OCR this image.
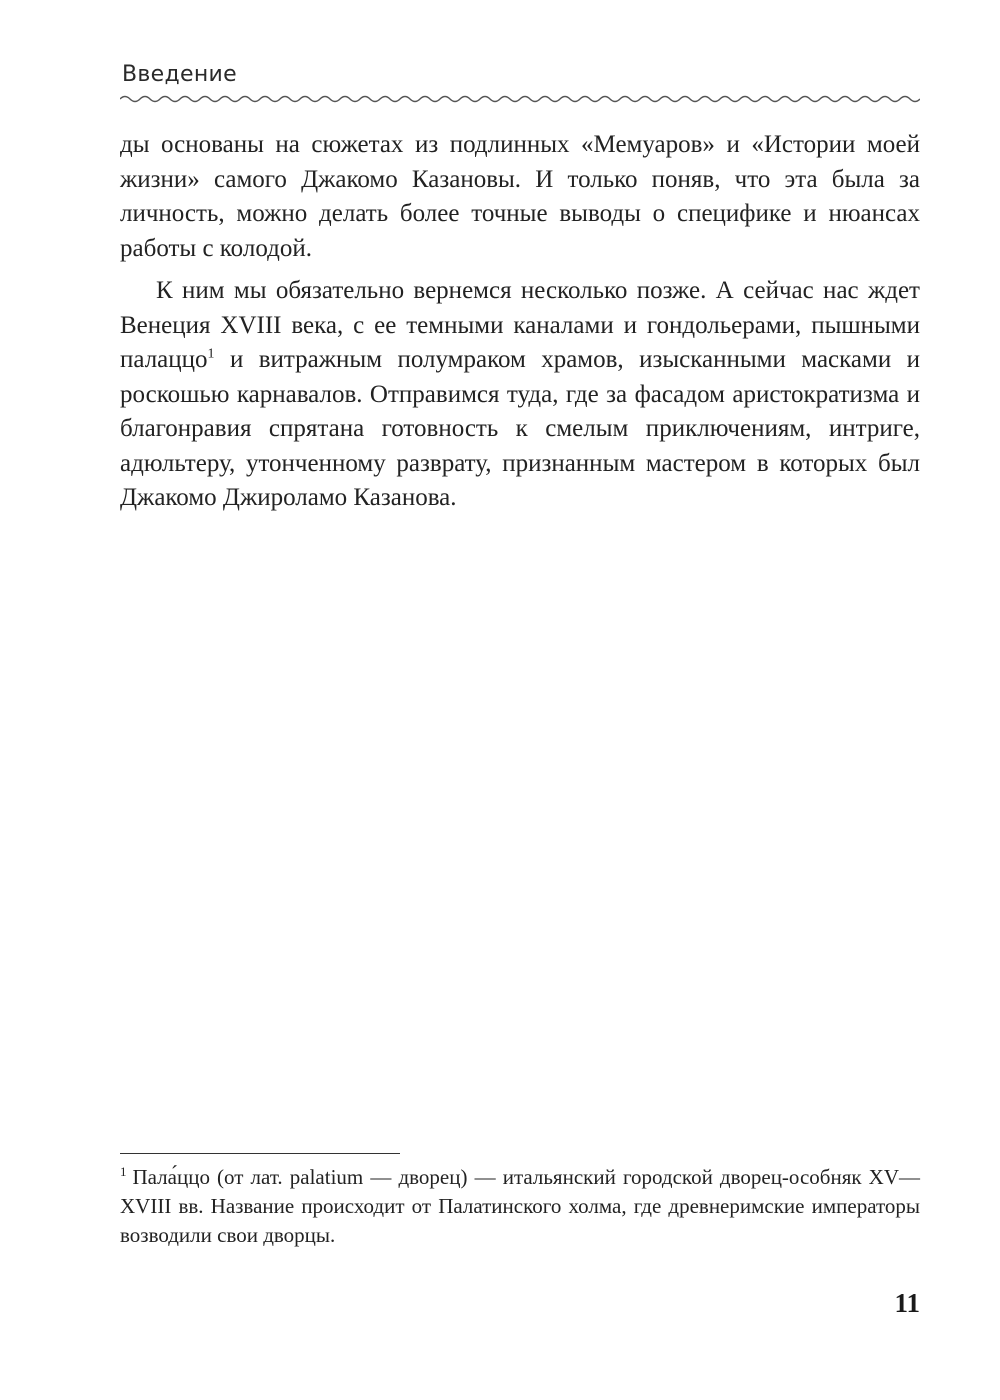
Введение

ды основаны на сюжетах из подлинных «Мемуаров» и «Истории моей жизни» самого Джакомо Казановы. И только поняв, что эта была за личность, можно делать более точные выводы о специфике и нюансах работы с колодой.

К ним мы обязательно вернемся несколько позже. А сейчас нас ждет Венеция XVIII века, с ее темными каналами и гондольерами, пышными палаццо$^1$ и витражным полумраком храмов, изысканными масками и роскошью карнавалов. Отправимся туда, где за фасадом аристократизма и благонравия спрятана готовность к смелым приключениям, интриге, адюльтеру, утонченному разврату, признанным мастером в которых был Джакомо Джироламо Казанова.

$^1$ Пала́ццо (от лат. palatium — дворец) — итальянский городской дворец-особняк XV—XVIII вв. Название происходит от Палатинского холма, где древнеримские императоры возводили свои дворцы.
11
